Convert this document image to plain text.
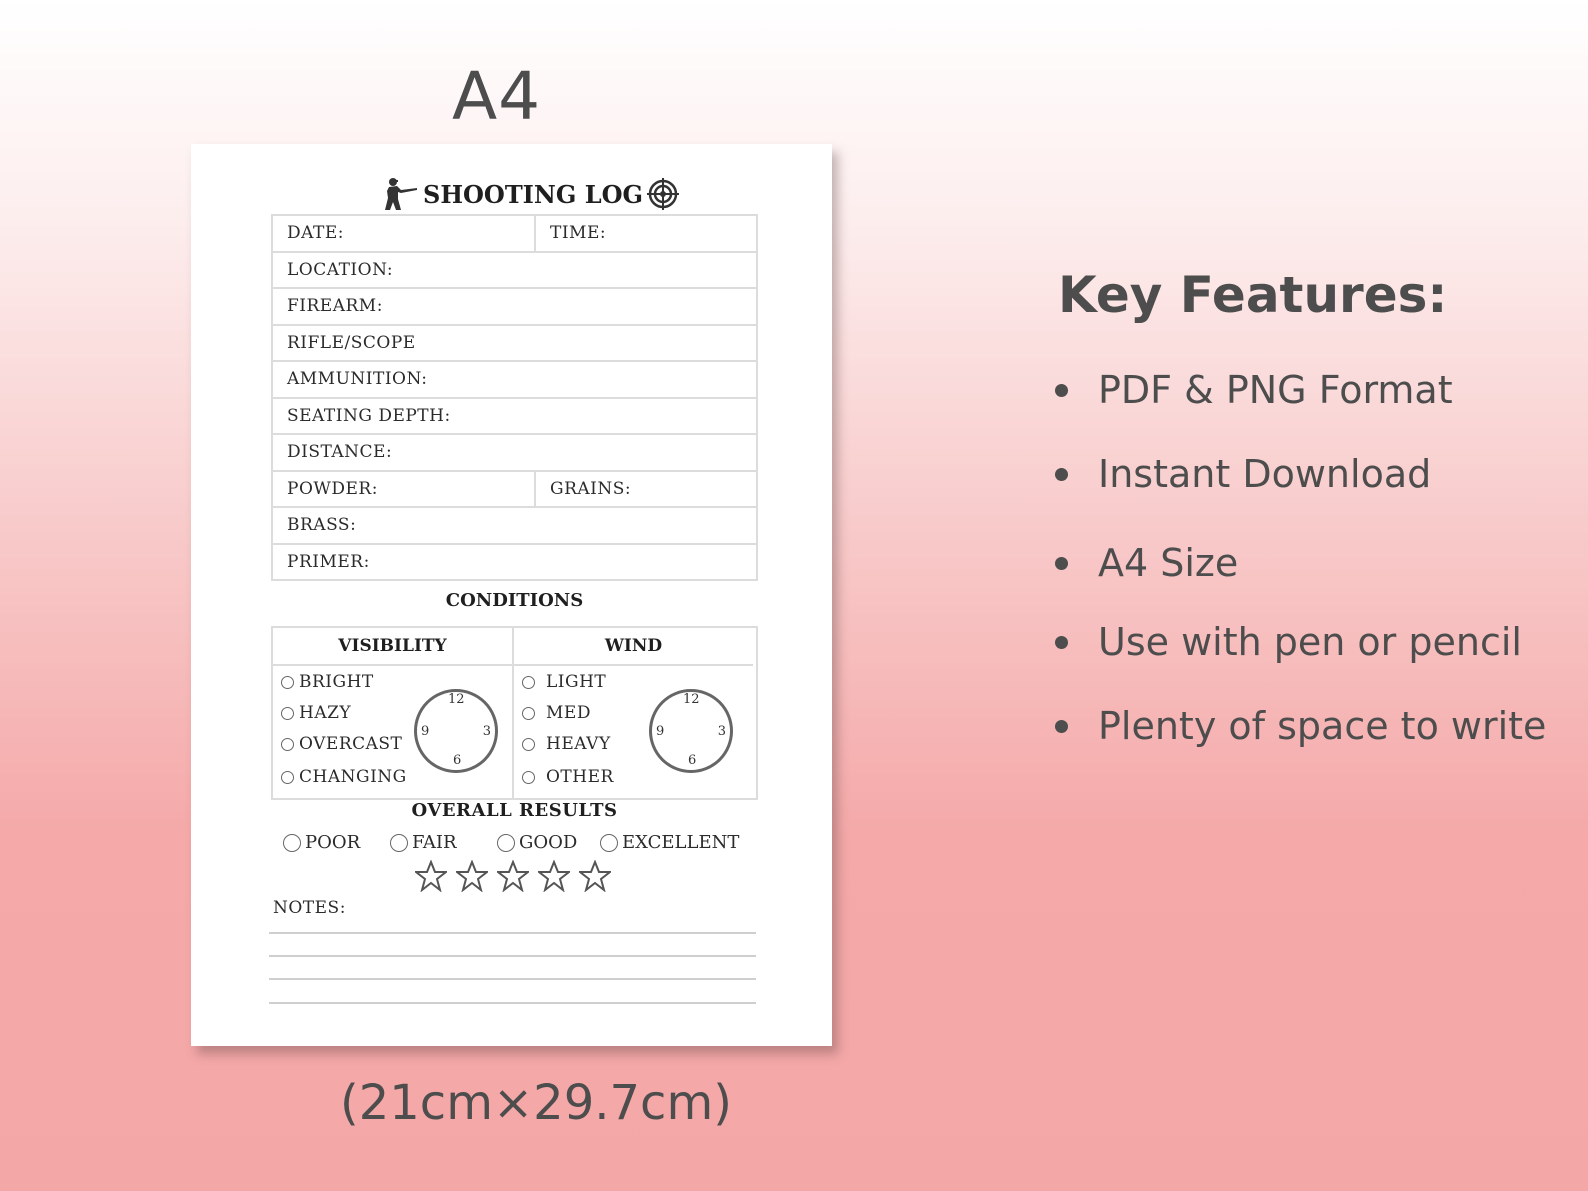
A4
SHOOTING LOG
DATE:	TIME:
LOCATION:
FIREARM:
RIFLE/SCOPE
AMMUNITION:
SEATING DEPTH:
DISTANCE:
POWDER:	GRAINS:
BRASS:
PRIMER:
CONDITIONS
VISIBILITY
BRIGHT
HAZY
OVERCAST
CHANGING
12
9	3
6
WIND
LIGHT
MED
HEAVY
OTHER
12
9	3
6
OVERALL RESULTS
POOR	FAIR	GOOD EXCELLENT
NOTES:
(21cm×29.7cm)
Key Features:
PDF & PNG Format
Instant Download
A4 Size
Use with pen or pencil
Plenty of space to write
